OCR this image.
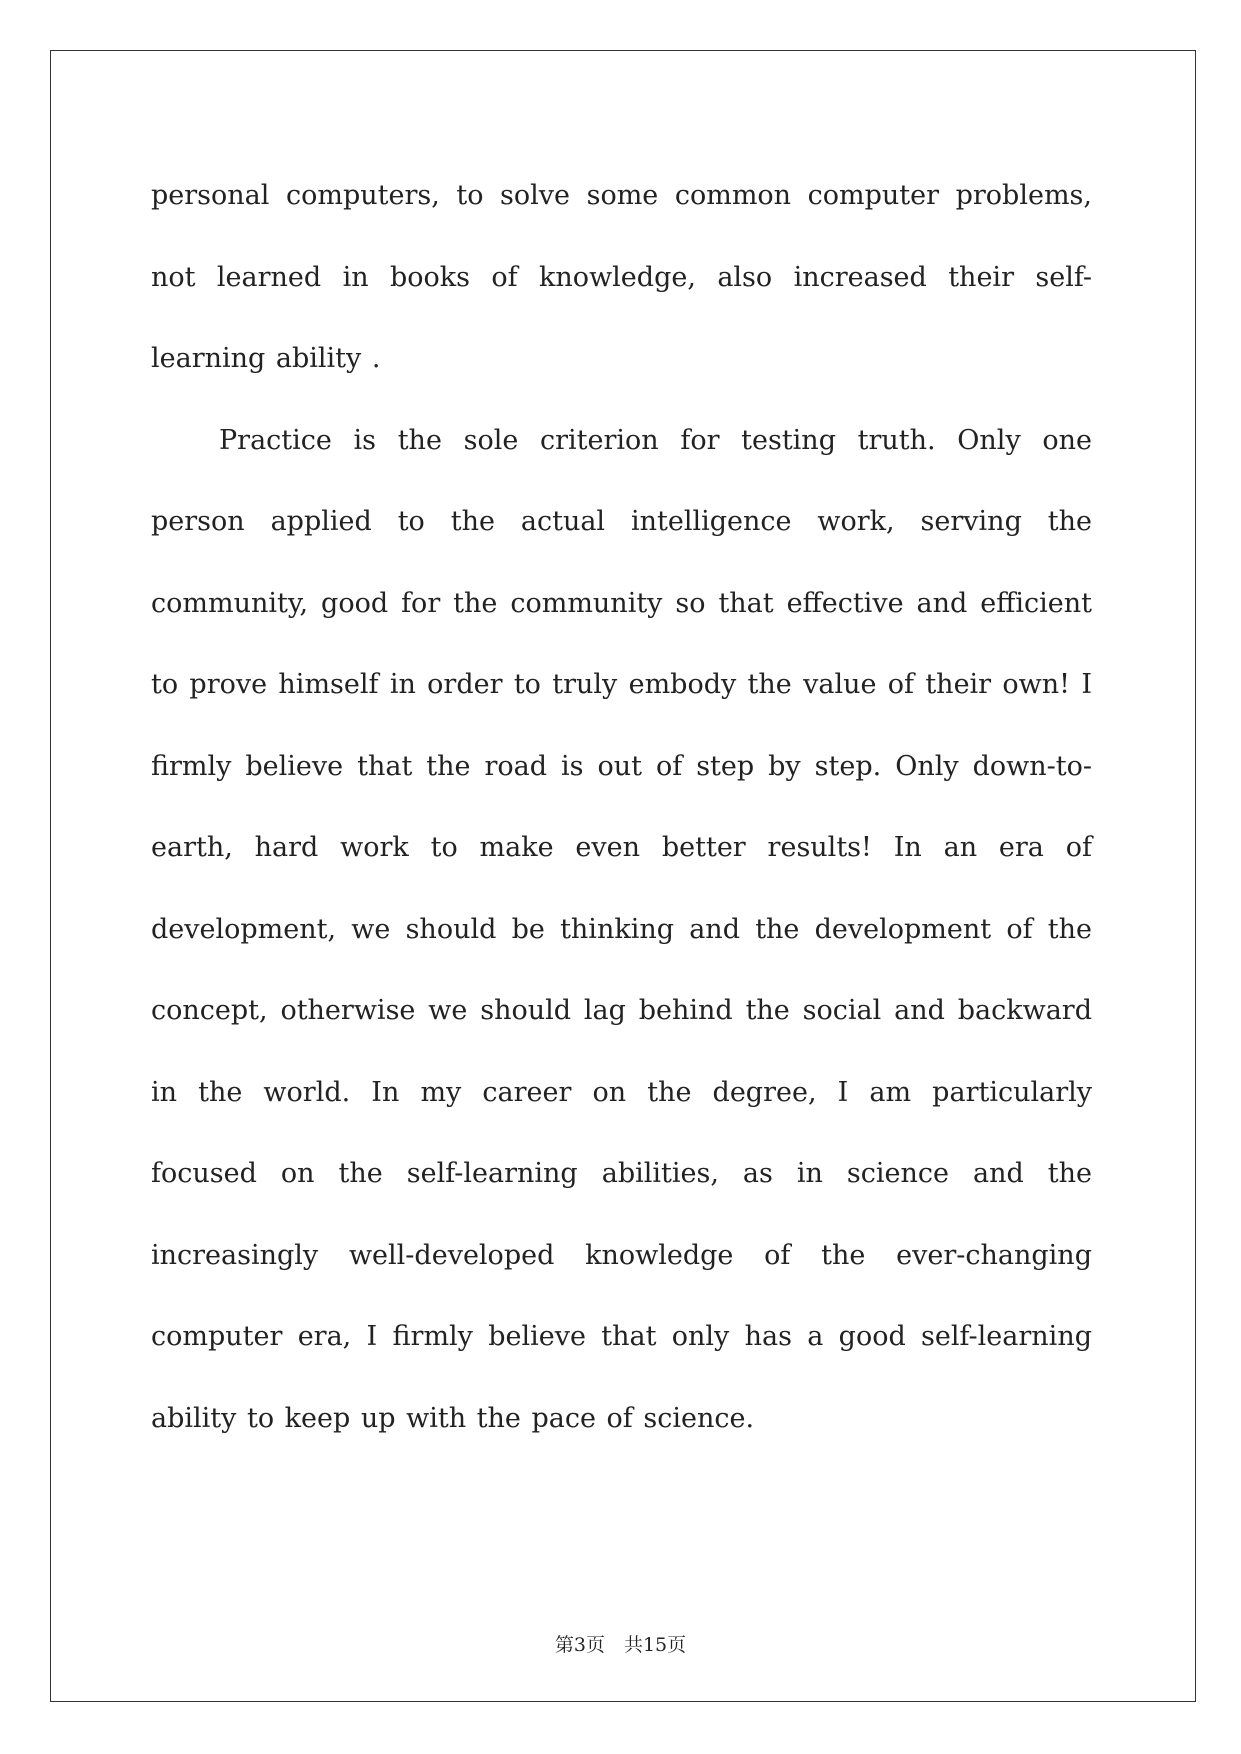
personal computers, to solve some common computer problems, not learned in books of knowledge, also increased their self-learning ability .

Practice is the sole criterion for testing truth. Only one person applied to the actual intelligence work, serving the community, good for the community so that effective and efficient to prove himself in order to truly embody the value of their own! I firmly believe that the road is out of step by step. Only down-to-earth, hard work to make even better results! In an era of development, we should be thinking and the development of the concept, otherwise we should lag behind the social and backward in the world. In my career on the degree, I am particularly focused on the self-learning abilities, as in science and the increasingly well-developed knowledge of the ever-changing computer era, I firmly believe that only has a good self-learning ability to keep up with the pace of science.

第3页　共15页
